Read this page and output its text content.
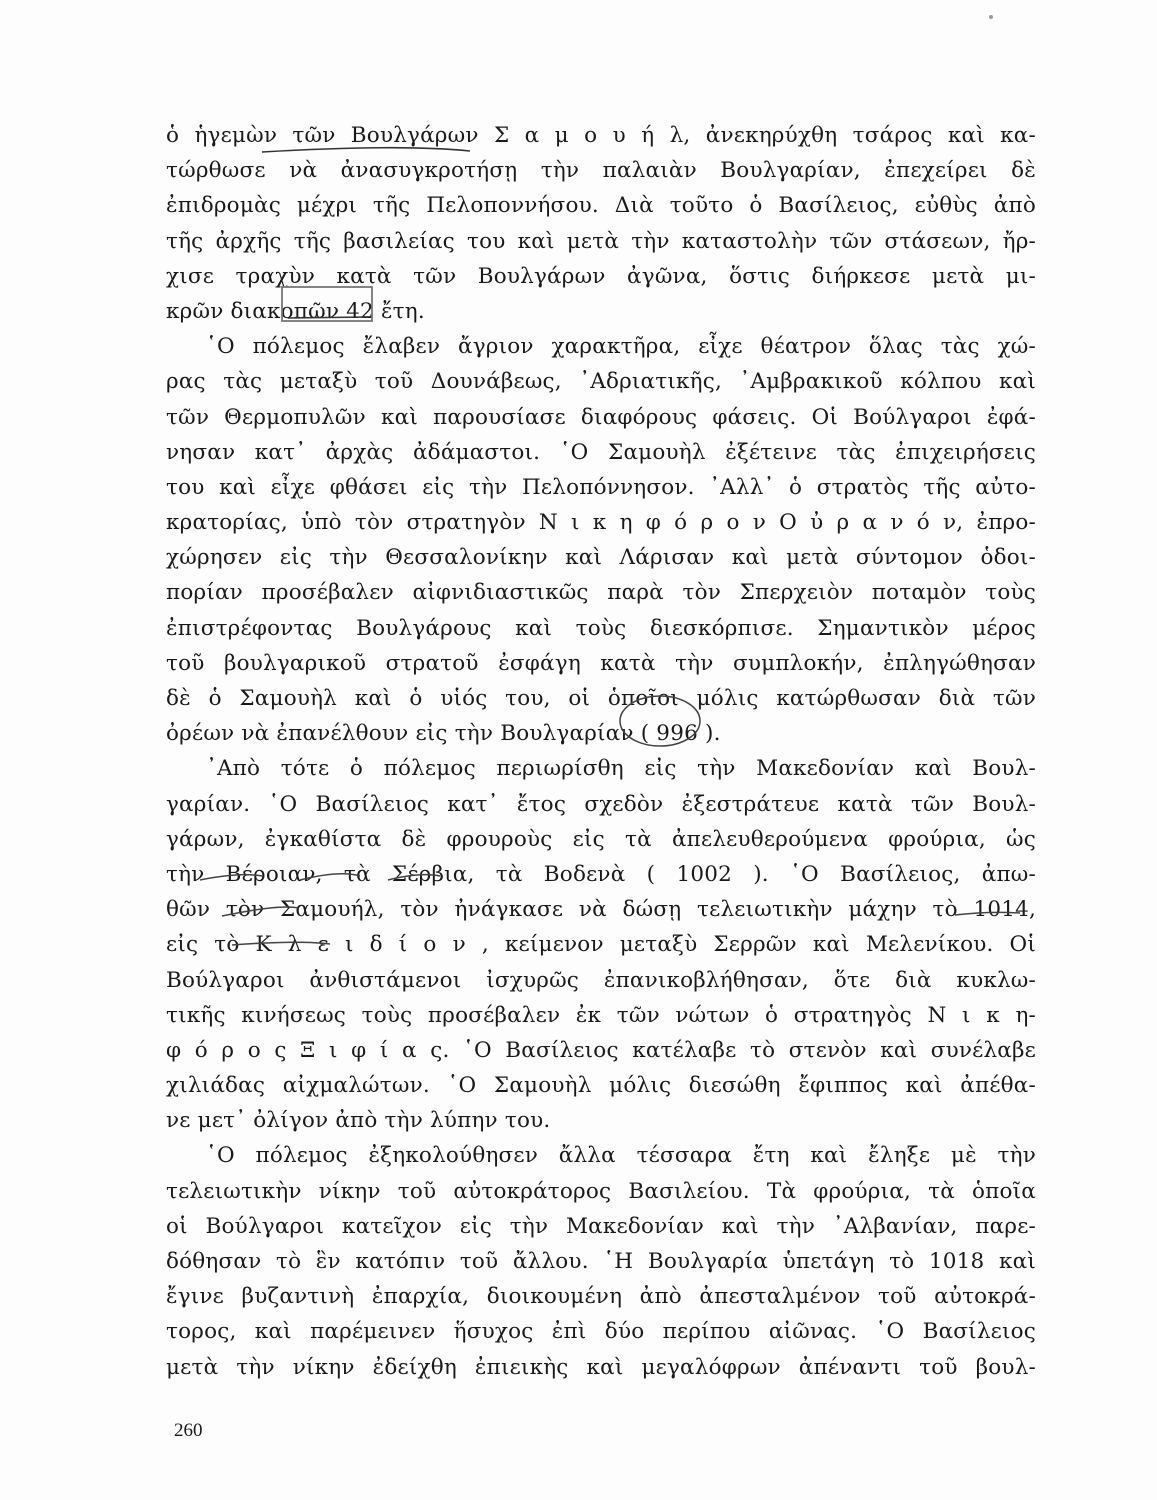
ὁ ἡγεμὼν τῶν Βουλγάρων Σ α μ ο υ ή λ, ἀνεκηρύχθη τσάρος καὶ κα-
τώρθωσε νὰ ἀνασυγκροτήσῃ τὴν παλαιὰν Βουλγαρίαν, ἐπεχείρει δὲ
ἐπιδρομὰς μέχρι τῆς Πελοποννήσου. Διὰ τοῦτο ὁ Βασίλειος, εὐθὺς ἀπὸ
τῆς ἀρχῆς τῆς βασιλείας του καὶ μετὰ τὴν καταστολὴν τῶν στάσεων, ἤρ-
χισε τραχὺν κατὰ τῶν Βουλγάρων ἀγῶνα, ὅστις διήρκεσε μετὰ μι-
κρῶν διακοπῶν 42 ἔτη.
῾Ο πόλεμος ἔλαβεν ἄγριον χαρακτῆρα, εἶχε θέατρον ὅλας τὰς χώ-
ρας τὰς μεταξὺ τοῦ Δουνάβεως, ᾿Αδριατικῆς, ᾿Αμβρακικοῦ κόλπου καὶ
τῶν Θερμοπυλῶν καὶ παρουσίασε διαφόρους φάσεις. Οἱ Βούλγαροι ἐφά-
νησαν κατ᾿ ἀρχὰς ἀδάμαστοι. ῾Ο Σαμουὴλ ἐξέτεινε τὰς ἐπιχειρήσεις
του καὶ εἶχε φθάσει εἰς τὴν Πελοπόννησον. ᾿Αλλ᾿ ὁ στρατὸς τῆς αὐτο-
κρατορίας, ὑπὸ τὸν στρατηγὸν Ν ι κ η φ ό ρ ο ν Ο ὐ ρ α ν ό ν, ἐπρο-
χώρησεν εἰς τὴν Θεσσαλονίκην καὶ Λάρισαν καὶ μετὰ σύντομον ὁδοι-
πορίαν προσέβαλεν αἰφνιδιαστικῶς παρὰ τὸν Σπερχειὸν ποταμὸν τοὺς
ἐπιστρέφοντας Βουλγάρους καὶ τοὺς διεσκόρπισε. Σημαντικὸν μέρος
τοῦ βουλγαρικοῦ στρατοῦ ἐσφάγη κατὰ τὴν συμπλοκήν, ἐπληγώθησαν
δὲ ὁ Σαμουὴλ καὶ ὁ υἱός του, οἱ ὁποῖοι μόλις κατώρθωσαν διὰ τῶν
ὀρέων νὰ ἐπανέλθουν εἰς τὴν Βουλγαρίαν ( 996 ).
᾿Απὸ τότε ὁ πόλεμος περιωρίσθη εἰς τὴν Μακεδονίαν καὶ Βουλ-
γαρίαν. ῾Ο Βασίλειος κατ᾿ ἔτος σχεδὸν ἐξεστράτευε κατὰ τῶν Βουλ-
γάρων, ἐγκαθίστα δὲ φρουροὺς εἰς τὰ ἀπελευθερούμενα φρούρια, ὡς
τὴν Βέροιαν, τὰ Σέρβια, τὰ Βοδενὰ ( 1002 ). ῾Ο Βασίλειος, ἀπω-
θῶν τὸν Σαμουήλ, τὸν ἠνάγκασε νὰ δώσῃ τελειωτικὴν μάχην τὸ 1014,
εἰς τὸ Κ λ ε ι δ ί ο ν , κείμενον μεταξὺ Σερρῶν καὶ Μελενίκου. Οἱ
Βούλγαροι ἀνθιστάμενοι ἰσχυρῶς ἐπανικοβλήθησαν, ὅτε διὰ κυκλω-
τικῆς κινήσεως τοὺς προσέβαλεν ἐκ τῶν νώτων ὁ στρατηγὸς Ν ι κ η-
φ ό ρ ο ς Ξ ι φ ί α ς. ῾Ο Βασίλειος κατέλαβε τὸ στενὸν καὶ συνέλαβε
χιλιάδας αἰχμαλώτων. ῾Ο Σαμουὴλ μόλις διεσώθη ἔφιππος καὶ ἀπέθα-
νε μετ᾿ ὀλίγον ἀπὸ τὴν λύπην του.
῾Ο πόλεμος ἐξηκολούθησεν ἄλλα τέσσαρα ἔτη καὶ ἔληξε μὲ τὴν
τελειωτικὴν νίκην τοῦ αὐτοκράτορος Βασιλείου. Τὰ φρούρια, τὰ ὁποῖα
οἱ Βούλγαροι κατεῖχον εἰς τὴν Μακεδονίαν καὶ τὴν ᾿Αλβανίαν, παρε-
δόθησαν τὸ ἓν κατόπιν τοῦ ἄλλου. ῾Η Βουλγαρία ὑπετάγη τὸ 1018 καὶ
ἔγινε βυζαντινὴ ἐπαρχία, διοικουμένη ἀπὸ ἀπεσταλμένον τοῦ αὐτοκρά-
τορος, καὶ παρέμεινεν ἥσυχος ἐπὶ δύο περίπου αἰῶνας. ῾Ο Βασίλειος
μετὰ τὴν νίκην ἐδείχθη ἐπιεικὴς καὶ μεγαλόφρων ἀπέναντι τοῦ βουλ-
260
